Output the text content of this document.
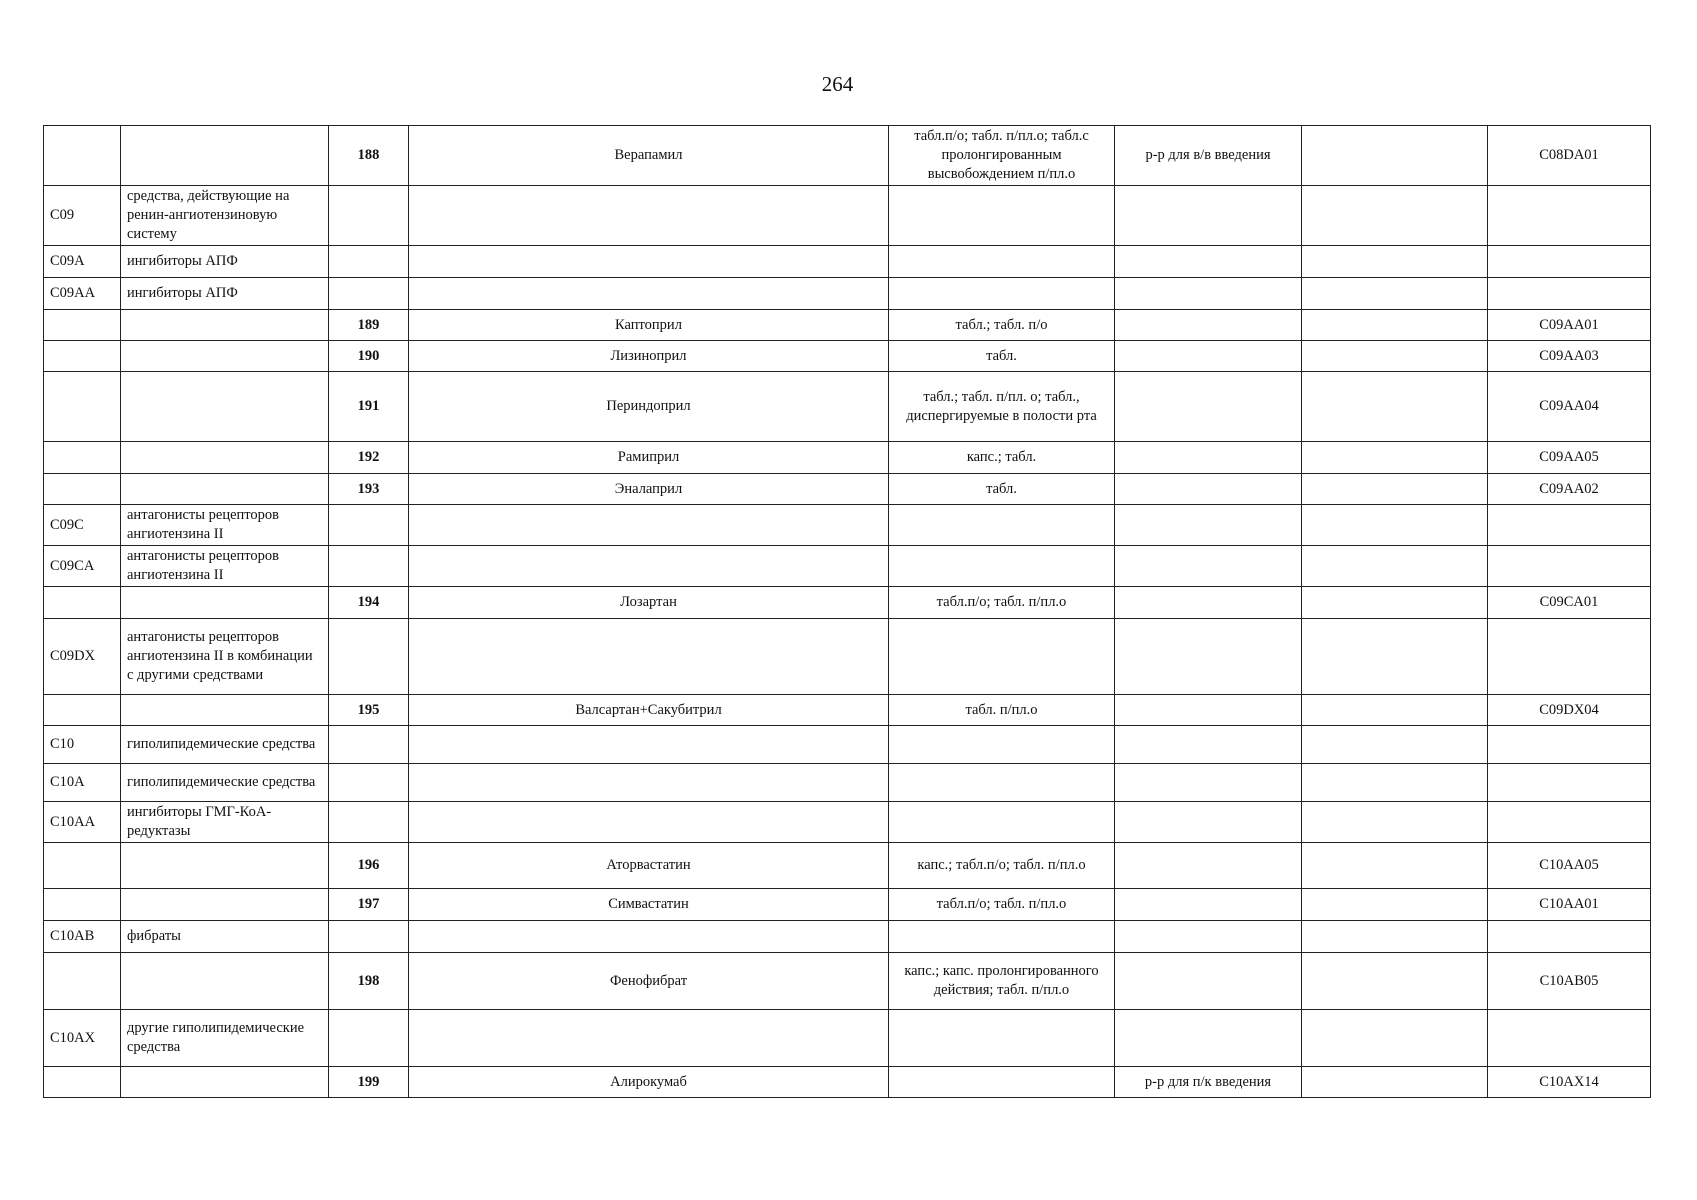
264
		188	Верапамил	табл.п/о; табл. п/пл.о; табл.с пролонгированным высвобождением п/пл.о	р-р для в/в введения		C08DA01
C09	средства, действующие на ренин-ангиотензиновую систему						
C09A	ингибиторы АПФ						
C09AA	ингибиторы АПФ						
		189	Каптоприл	табл.; табл. п/о			C09AA01
		190	Лизиноприл	табл.			C09AA03
		191	Периндоприл	табл.; табл. п/пл. о; табл., диспергируемые в полости рта			C09AA04
		192	Рамиприл	капс.; табл.			C09AA05
		193	Эналаприл	табл.			C09AA02
C09C	антагонисты рецепторов ангиотензина II						
C09CA	антагонисты рецепторов ангиотензина II						
		194	Лозартан	табл.п/о; табл. п/пл.о			C09CA01
C09DX	антагонисты рецепторов ангиотензина II в комбинации с другими средствами						
		195	Валсартан+Сакубитрил	табл. п/пл.о			C09DX04
C10	гиполипидемические средства						
C10A	гиполипидемические средства						
C10AA	ингибиторы ГМГ-КоА-редуктазы						
		196	Аторвастатин	капс.; табл.п/о; табл. п/пл.о			C10AA05
		197	Симвастатин	табл.п/о; табл. п/пл.о			C10AA01
C10AB	фибраты						
		198	Фенофибрат	капс.; капс. пролонгированного действия; табл. п/пл.о			C10AB05
C10AX	другие гиполипидемические средства						
		199	Алирокумаб		р-р для п/к введения		C10AX14
